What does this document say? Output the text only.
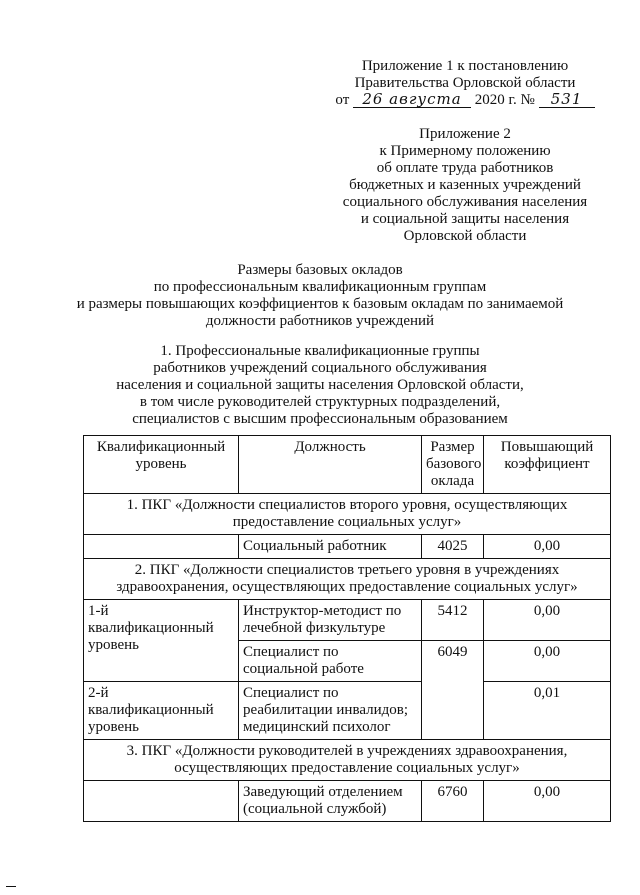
Приложение 1 к постановлению
Правительства Орловской области
от 26 августа 2020 г. № 531
Приложение 2
к Примерному положению
об оплате труда работников
бюджетных и казенных учреждений
социального обслуживания населения
и социальной защиты населения
Орловской области
Размеры базовых окладов
по профессиональным квалификационным группам
и размеры повышающих коэффициентов к базовым окладам по занимаемой
должности работников учреждений
1. Профессиональные квалификационные группы
работников учреждений социального обслуживания
населения и социальной защиты населения Орловской области,
в том числе руководителей структурных подразделений,
специалистов с высшим профессиональным образованием
Квалификационный уровень	Должность	Размер базового оклада	Повышающий коэффициент
1. ПКГ «Должности специалистов второго уровня, осуществляющих предоставление социальных услуг»			
	Социальный работник	4025	0,00
2. ПКГ «Должности специалистов третьего уровня в учреждениях здравоохранения, осуществляющих предоставление социальных услуг»			
1-й квалификационный уровень	Инструктор-методист по лечебной физкультуре	5412	0,00
	Специалист по социальной работе	6049	0,00
2-й квалификационный уровень	Специалист по реабилитации инвалидов; медицинский психолог		0,01
3. ПКГ «Должности руководителей в учреждениях здравоохранения, осуществляющих предоставление социальных услуг»			
	Заведующий отделением (социальной службой)	6760	0,00
